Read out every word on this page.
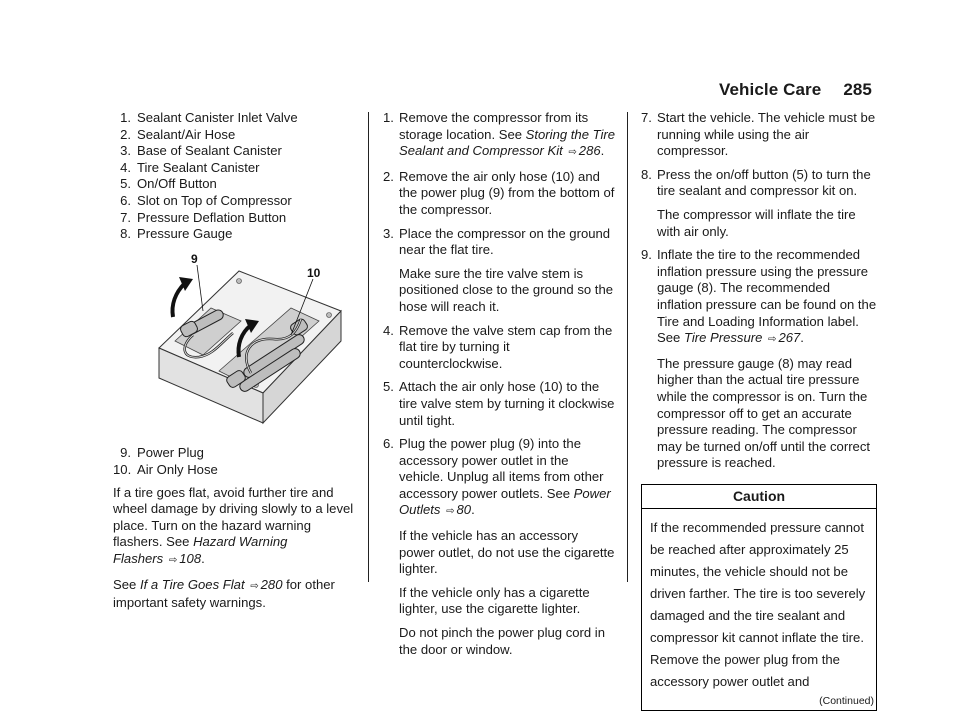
Vehicle Care 285
1. Sealant Canister Inlet Valve
2. Sealant/Air Hose
3. Base of Sealant Canister
4. Tire Sealant Canister
5. On/Off Button
6. Slot on Top of Compressor
7. Pressure Deflation Button
8. Pressure Gauge
9
10
9. Power Plug
10. Air Only Hose

If a tire goes flat, avoid further tire and wheel damage by driving slowly to a level place. Turn on the hazard warning flashers. See Hazard Warning Flashers ⇨ 108.

See If a Tire Goes Flat ⇨ 280 for other important safety warnings.

1. Remove the compressor from its storage location. See Storing the Tire Sealant and Compressor Kit ⇨ 286.

2. Remove the air only hose (10) and the power plug (9) from the bottom of the compressor.

3. Place the compressor on the ground near the flat tire.

Make sure the tire valve stem is positioned close to the ground so the hose will reach it.

4. Remove the valve stem cap from the flat tire by turning it counterclockwise.

5. Attach the air only hose (10) to the tire valve stem by turning it clockwise until tight.

6. Plug the power plug (9) into the accessory power outlet in the vehicle. Unplug all items from other accessory power outlets. See Power Outlets ⇨ 80.

If the vehicle has an accessory power outlet, do not use the cigarette lighter.

If the vehicle only has a cigarette lighter, use the cigarette lighter.

Do not pinch the power plug cord in the door or window.

7. Start the vehicle. The vehicle must be running while using the air compressor.

8. Press the on/off button (5) to turn the tire sealant and compressor kit on.

The compressor will inflate the tire with air only.

9. Inflate the tire to the recommended inflation pressure using the pressure gauge (8). The recommended inflation pressure can be found on the Tire and Loading Information label. See Tire Pressure ⇨ 267.

The pressure gauge (8) may read higher than the actual tire pressure while the compressor is on. Turn the compressor off to get an accurate pressure reading. The compressor may be turned on/off until the correct pressure is reached.

Caution
If the recommended pressure cannot be reached after approximately 25 minutes, the vehicle should not be driven farther. The tire is too severely damaged and the tire sealant and compressor kit cannot inflate the tire. Remove the power plug from the accessory power outlet and
(Continued)
